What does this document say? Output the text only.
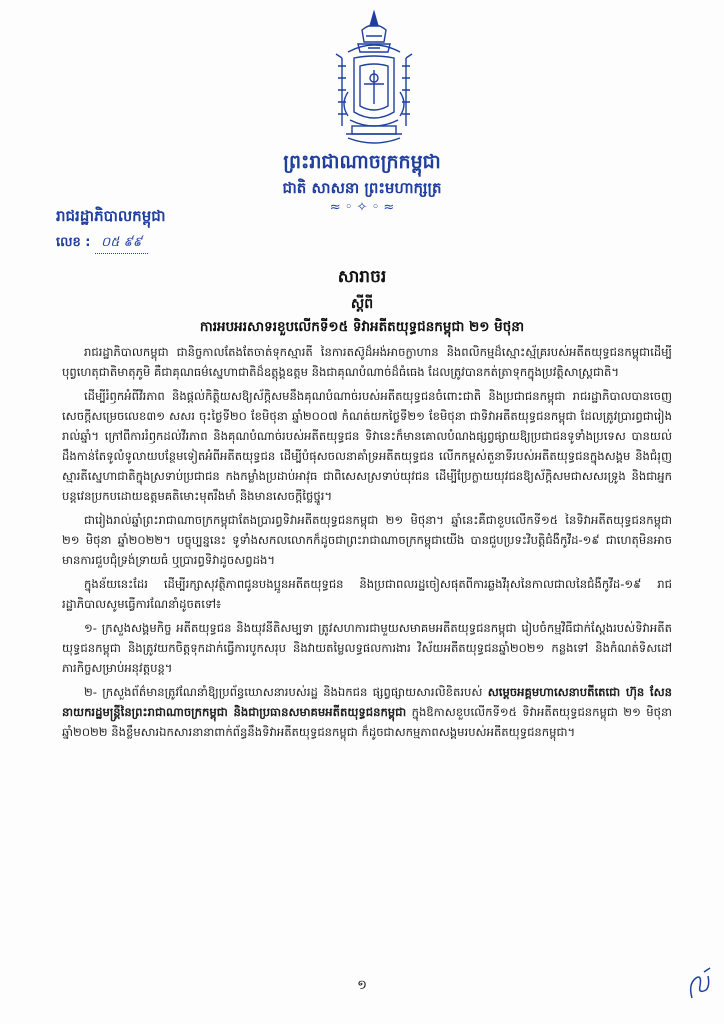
ព្រះរាជាណាចក្រកម្ពុជា
ជាតិ សាសនា ព្រះមហាក្សត្រ
≈ ◦ ✧ ◦ ≈
រាជរដ្ឋាភិបាលកម្ពុជា
លេខ : ០៥ ៩៩
សារាចរ
ស្តីពី
ការអបអរសាទរខួបលើកទី១៥ ទិវាអតីតយុទ្ធជនកម្ពុជា ២១ មិថុនា

រាជរដ្ឋាភិបាលកម្ពុជា ជានិច្ចកាលតែងតែចាត់ទុកស្មារតី នៃការតស៊ូដ៏អង់អាចក្លាហាន និងពលិកម្មដ៏ស្មោះស្ម័គ្ររបស់អតីតយុទ្ធជនកម្ពុជាដើម្បីបុព្វហេតុជាតិមាតុភូមិ គឺជាគុណធម៌ស្នេហាជាតិដ៏ឧត្តុង្គឧត្តម និងជាគុណបំណាច់ដ៏ធំធេង ដែលត្រូវបានកត់ត្រាទុកក្នុងប្រវត្តិសាស្ត្រជាតិ។

ដើម្បីរំឭកអំពីវីរភាព និងផ្តល់កិត្តិយសឱ្យស័ក្តិសមនឹងគុណបំណាច់របស់អតីតយុទ្ធជនចំពោះជាតិ និងប្រជាជនកម្ពុជា រាជរដ្ឋាភិបាលបានចេញសេចក្តីសម្រេចលេខ៣១ សសរ ចុះថ្ងៃទី២០ ខែមិថុនា ឆ្នាំ២០០៧ កំណត់យកថ្ងៃទី២១ ខែមិថុនា ជាទិវាអតីតយុទ្ធជនកម្ពុជា ដែលត្រូវប្រារព្ធជារៀងរាល់ឆ្នាំ។ ក្រៅពីការរំឭកដល់វីរភាព និងគុណបំណាច់របស់អតីតយុទ្ធជន ទិវានេះក៏មានគោលបំណងផ្សព្វផ្សាយឱ្យប្រជាជនទូទាំងប្រទេស បានយល់ដឹងកាន់តែទូលំទូលាយបន្ថែមទៀតអំពីអតីតយុទ្ធជន ដើម្បីបំផុសចលនាគាំទ្រអតីតយុទ្ធជន លើកកម្ពស់តួនាទីរបស់អតីតយុទ្ធជនក្នុងសង្គម និងជំរុញស្មារតីស្នេហាជាតិក្នុងស្រទាប់ប្រជាជន កងកម្លាំងប្រដាប់អាវុធ ជាពិសេសស្រទាប់យុវជន ដើម្បីប្រែក្លាយយុវជនឱ្យស័ក្តិសមជាសសរទ្រូង និងជាអ្នកបន្តវេនប្រកបដោយឧត្តមគតិមោះមុតរឹងមាំ និងមានសេចក្តីថ្លៃថ្នូរ។

ជារៀងរាល់ឆ្នាំព្រះរាជាណាចក្រកម្ពុជាតែងប្រារព្ធទិវាអតីតយុទ្ធជនកម្ពុជា ២១ មិថុនា។ ឆ្នាំនេះគឺជាខួបលើកទី១៥ នៃទិវាអតីតយុទ្ធជនកម្ពុជា ២១ មិថុនា ឆ្នាំ២០២២។ បច្ចុប្បន្ននេះ ទូទាំងសកលលោកក៏ដូចជាព្រះរាជាណាចក្រកម្ពុជាយើង បានជួបប្រទះវិបត្តិជំងឺកូវីដ-១៩ ជាហេតុមិនអាចមានការជួបជុំទ្រង់ទ្រាយធំ ឬប្រារព្ធទិវាដូចសព្វដង។

ក្នុងន័យនេះដែរ ដើម្បីរក្សាសុវត្ថិភាពជូនបងប្អូនអតីតយុទ្ធជន និងប្រជាពលរដ្ឋចៀសផុតពីការឆ្លងវីរុសនៃកាលជាលនៃជំងឺកូវីដ-១៩ រាជរដ្ឋាភិបាលសូមធ្វើការណែនាំដូចតទៅ៖

១- ក្រសួងសង្គមកិច្ច អតីតយុទ្ធជន និងយុវនីតិសម្បទា ត្រូវសហការជាមួយសមាគមអតីតយុទ្ធជនកម្ពុជា រៀបចំកម្មវិធីជាក់ស្តែងរបស់ទិវាអតីតយុទ្ធជនកម្ពុជា និងត្រូវយកចិត្តទុកដាក់ធ្វើការបូកសរុប និងវាយតម្លៃលទ្ធផលការងារ វិស័យអតីតយុទ្ធជនឆ្នាំ២០២១ កន្លងទៅ និងកំណត់ទិសដៅភារកិច្ចសម្រាប់អនុវត្តបន្ត។

២- ក្រសួងព័ត៌មានត្រូវណែនាំឱ្យប្រព័ន្ធឃោសនារបស់រដ្ឋ និងឯកជន ផ្សព្វផ្សាយសារលិខិតរបស់ សម្តេចអគ្គមហាសេនាបតីតេជោ ហ៊ុន សែន នាយករដ្ឋមន្ត្រីនៃព្រះរាជាណាចក្រកម្ពុជា និងជាប្រធានសមាគមអតីតយុទ្ធជនកម្ពុជា ក្នុងឱកាសខួបលើកទី១៥ ទិវាអតីតយុទ្ធជនកម្ពុជា ២១ មិថុនា ឆ្នាំ២០២២ និងខ្លឹមសារឯកសារនានាពាក់ព័ន្ធនឹងទិវាអតីតយុទ្ធជនកម្ពុជា ក៏ដូចជាសកម្មភាពសង្គមរបស់អតីតយុទ្ធជនកម្ពុជា។

១
